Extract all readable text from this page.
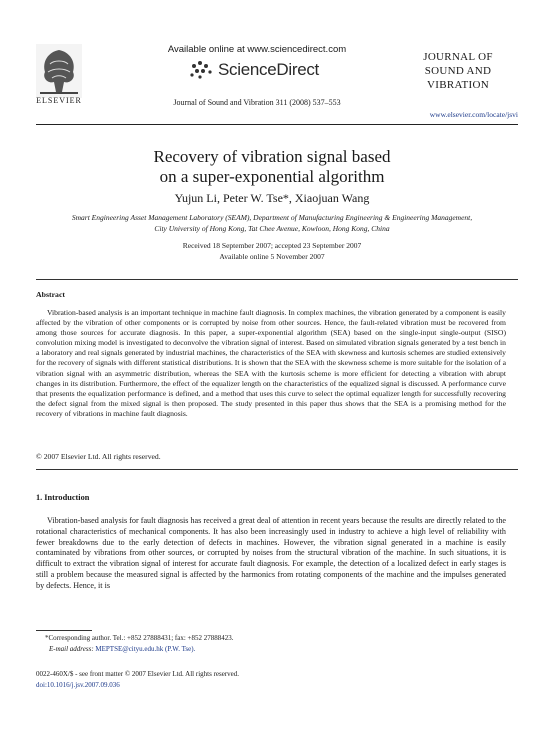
ELSEVIER
Available online at www.sciencedirect.com
ScienceDirect
Journal of Sound and Vibration 311 (2008) 537–553
JOURNAL OF
SOUND AND
VIBRATION
www.elsevier.com/locate/jsvi
Recovery of vibration signal based
on a super-exponential algorithm
Yujun Li, Peter W. Tse*, Xiaojuan Wang
Smart Engineering Asset Management Laboratory (SEAM), Department of Manufacturing Engineering & Engineering Management,
City University of Hong Kong, Tat Chee Avenue, Kowloon, Hong Kong, China
Received 18 September 2007; accepted 23 September 2007
Available online 5 November 2007
Abstract
Vibration-based analysis is an important technique in machine fault diagnosis. In complex machines, the vibration generated by a component is easily affected by the vibration of other components or is corrupted by noise from other sources. Hence, the fault-related vibration must be recovered from among those sources for accurate diagnosis. In this paper, a super-exponential algorithm (SEA) based on the single-input single-output (SISO) convolution mixing model is investigated to deconvolve the vibration signal of interest. Based on simulated vibration signals generated by a test bench in a laboratory and real signals generated by industrial machines, the characteristics of the SEA with skewness and kurtosis schemes are studied extensively for the recovery of signals with different statistical distributions. It is shown that the SEA with the skewness scheme is more suitable for the isolation of a vibration signal with an asymmetric distribution, whereas the SEA with the kurtosis scheme is more efficient for detecting a vibration with abrupt changes in its distribution. Furthermore, the effect of the equalizer length on the characteristics of the equalized signal is discussed. A performance curve that presents the equalization performance is defined, and a method that uses this curve to select the optimal equalizer length for successfully recovering the defect signal from the mixed signal is then proposed. The study presented in this paper thus shows that the SEA is a promising method for the recovery of vibrations in machine fault diagnosis.
© 2007 Elsevier Ltd. All rights reserved.
1. Introduction
Vibration-based analysis for fault diagnosis has received a great deal of attention in recent years because the results are directly related to the rotational characteristics of mechanical components. It has also been increasingly used in industry to achieve a high level of reliability with fewer breakdowns due to the early detection of defects in machines. However, the vibration signal generated in a machine is easily contaminated by vibrations from other sources, or corrupted by noises from the structural vibration of the machine. In such situations, it is difficult to extract the vibration signal of interest for accurate fault diagnosis. For example, the detection of a localized defect in early stages is still a problem because the measured signal is affected by the harmonics from rotating components of the machine and the impulses generated by defects. Hence, it is
*Corresponding author. Tel.: +852 27888431; fax: +852 27888423.
E-mail address: MEPTSE@cityu.edu.hk (P.W. Tse).
0022-460X/$ - see front matter © 2007 Elsevier Ltd. All rights reserved.
doi:10.1016/j.jsv.2007.09.036
